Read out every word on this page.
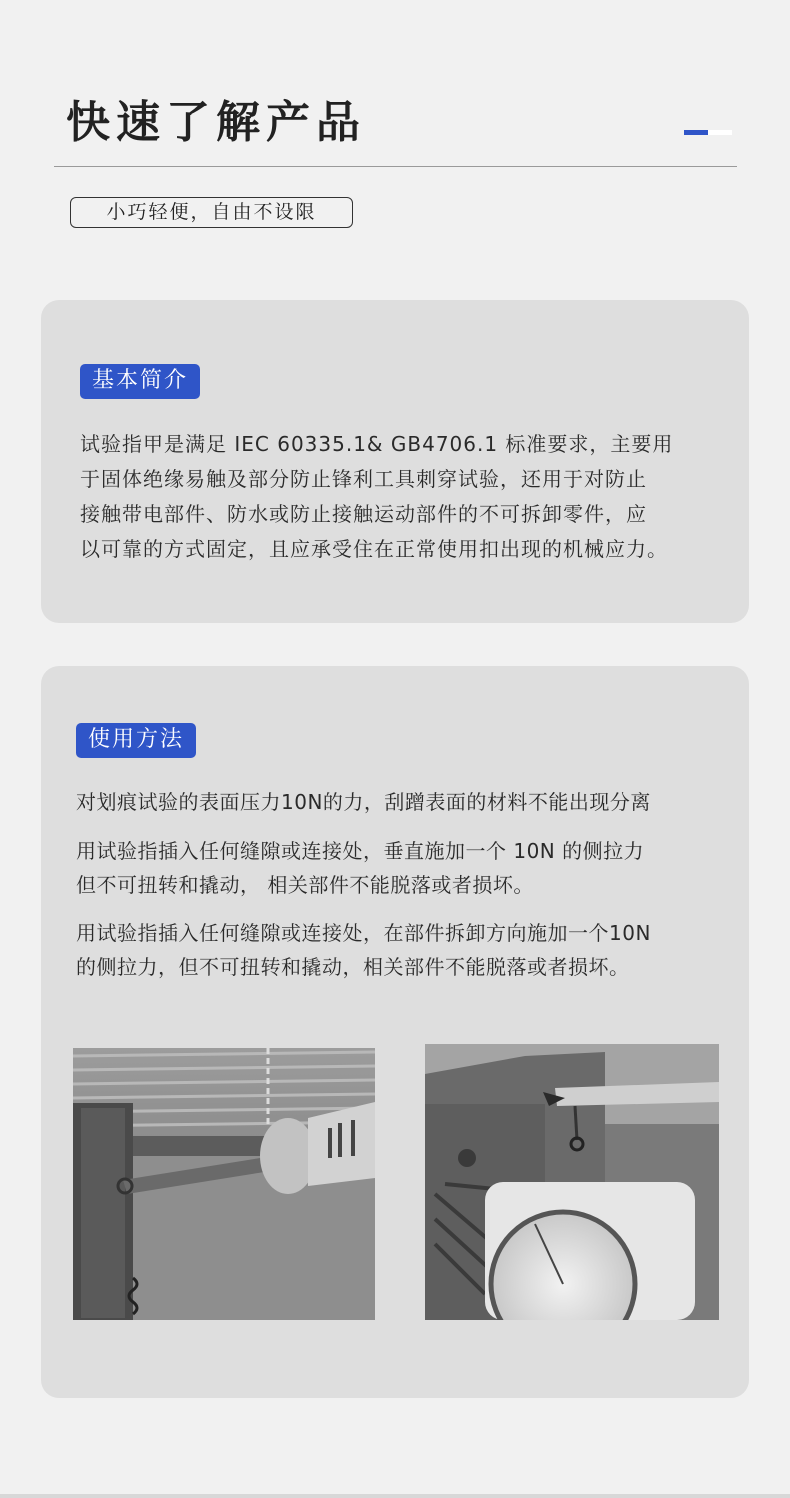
快速了解产品
小巧轻便，自由不设限
基本简介
试验指甲是满足 IEC 60335.1& GB4706.1 标准要求，主要用
于固体绝缘易触及部分防止锋利工具刺穿试验，还用于对防止
接触带电部件、防水或防止接触运动部件的不可拆卸零件，应
以可靠的方式固定，且应承受住在正常使用扣出现的机械应力。
使用方法
对划痕试验的表面压力10N的力，刮蹭表面的材料不能出现分离
用试验指插入任何缝隙或连接处，垂直施加一个 10N 的侧拉力
但不可扭转和撬动， 相关部件不能脱落或者损坏。
用试验指插入任何缝隙或连接处，在部件拆卸方向施加一个10N
的侧拉力，但不可扭转和撬动，相关部件不能脱落或者损坏。
